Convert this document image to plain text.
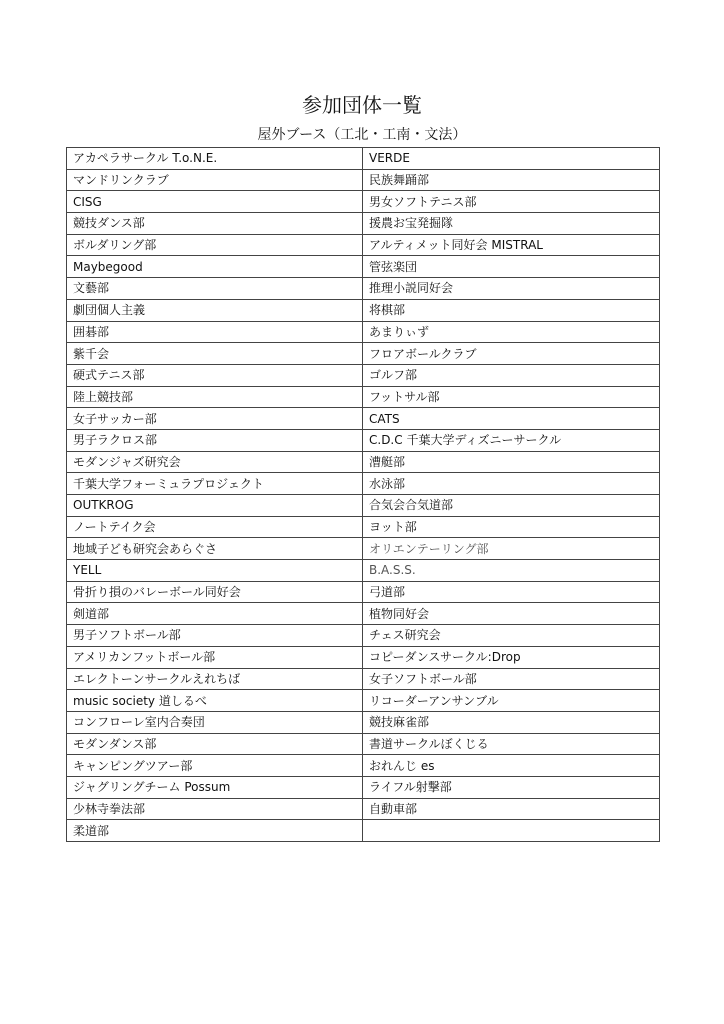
参加団体一覧
屋外ブース（工北・工南・文法）
アカペラサークル T.o.N.E.	VERDE
マンドリンクラブ	民族舞踊部
CISG	男女ソフトテニス部
競技ダンス部	援農お宝発掘隊
ボルダリング部	アルティメット同好会 MISTRAL
Maybegood	管弦楽団
文藝部	推理小説同好会
劇団個人主義	将棋部
囲碁部	あまりぃず
紫千会	フロアボールクラブ
硬式テニス部	ゴルフ部
陸上競技部	フットサル部
女子サッカー部	CATS
男子ラクロス部	C.D.C 千葉大学ディズニーサークル
モダンジャズ研究会	漕艇部
千葉大学フォーミュラプロジェクト	水泳部
OUTKROG	合気会合気道部
ノートテイク会	ヨット部
地域子ども研究会あらぐさ	オリエンテーリング部
YELL	B.A.S.S.
骨折り損のバレーボール同好会	弓道部
剣道部	植物同好会
男子ソフトボール部	チェス研究会
アメリカンフットボール部	コピーダンスサークル:Drop
エレクトーンサークルえれちば	女子ソフトボール部
music society 道しるべ	リコーダーアンサンブル
コンフローレ室内合奏団	競技麻雀部
モダンダンス部	書道サークルぼくじる
キャンピングツアー部	おれんじ es
ジャグリングチーム Possum	ライフル射撃部
少林寺拳法部	自動車部
柔道部	
